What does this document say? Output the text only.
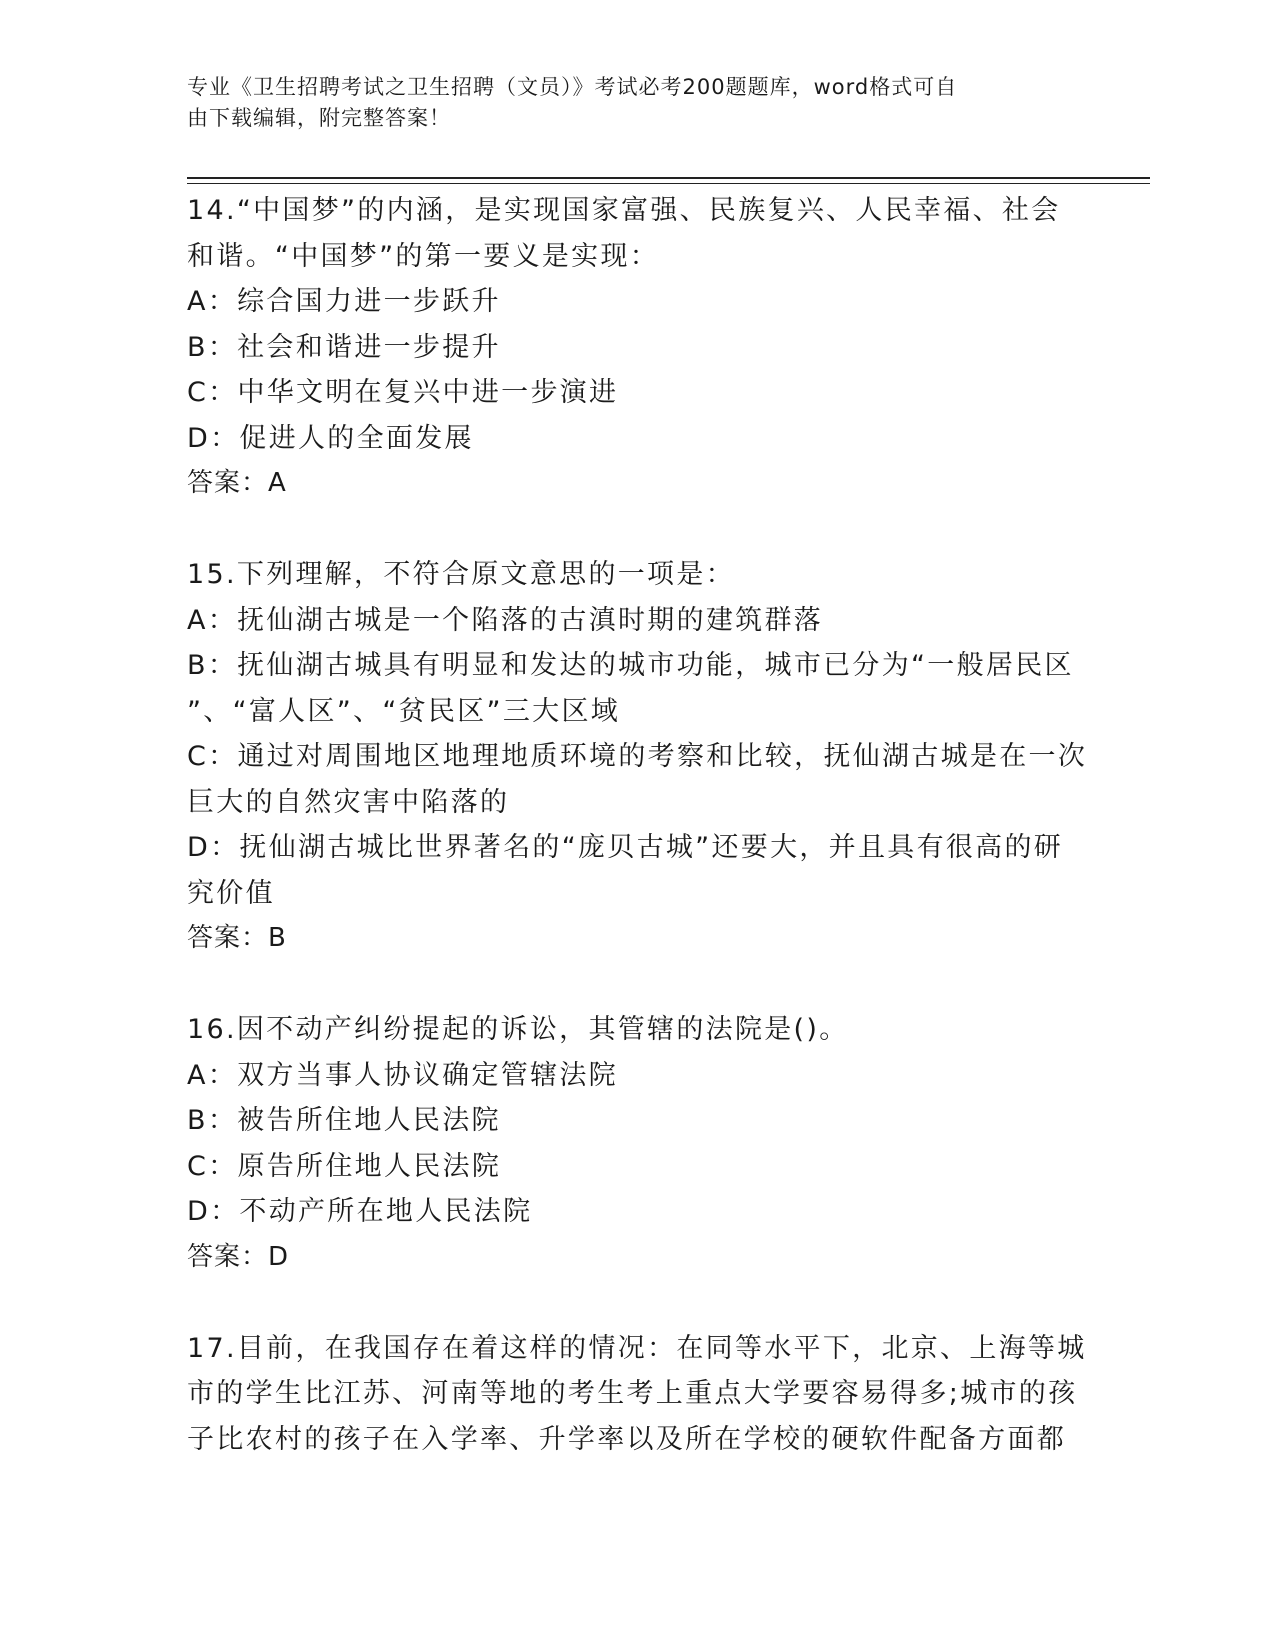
专业《卫生招聘考试之卫生招聘（文员）》考试必考200题题库，word格式可自
由下载编辑，附完整答案！
14.“中国梦”的内涵，是实现国家富强、民族复兴、人民幸福、社会
和谐。“中国梦”的第一要义是实现：
A：综合国力进一步跃升
B：社会和谐进一步提升
C：中华文明在复兴中进一步演进
D：促进人的全面发展
答案：A
15.下列理解，不符合原文意思的一项是：
A：抚仙湖古城是一个陷落的古滇时期的建筑群落
B：抚仙湖古城具有明显和发达的城市功能，城市已分为“一般居民区
”、“富人区”、“贫民区”三大区域
C：通过对周围地区地理地质环境的考察和比较，抚仙湖古城是在一次
巨大的自然灾害中陷落的
D：抚仙湖古城比世界著名的“庞贝古城”还要大，并且具有很高的研
究价值
答案：B
16.因不动产纠纷提起的诉讼，其管辖的法院是()。
A：双方当事人协议确定管辖法院
B：被告所住地人民法院
C：原告所住地人民法院
D：不动产所在地人民法院
答案：D
17.目前，在我国存在着这样的情况：在同等水平下，北京、上海等城
市的学生比江苏、河南等地的考生考上重点大学要容易得多;城市的孩
子比农村的孩子在入学率、升学率以及所在学校的硬软件配备方面都
